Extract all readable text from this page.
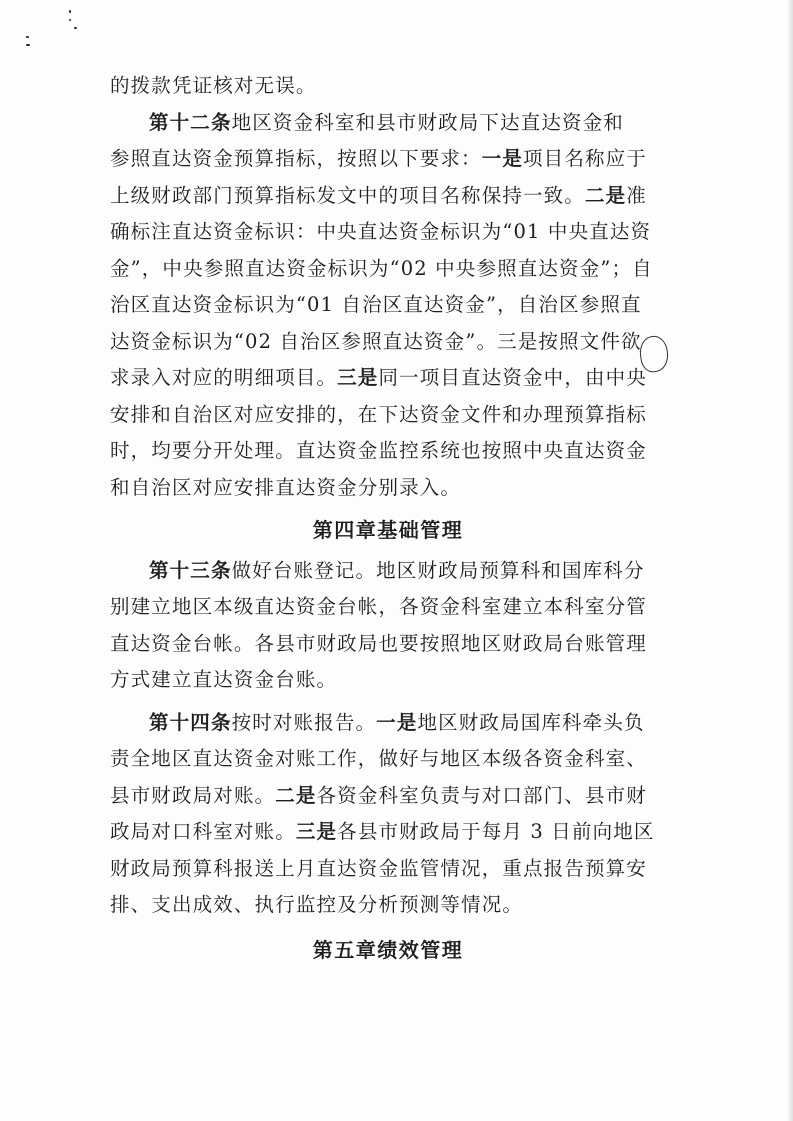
的拨款凭证核对无误。
第十二条地区资金科室和县市财政局下达直达资金和
参照直达资金预算指标，按照以下要求：一是项目名称应于
上级财政部门预算指标发文中的项目名称保持一致。二是准
确标注直达资金标识：中央直达资金标识为“01 中央直达资
金”，中央参照直达资金标识为“02 中央参照直达资金”；自
治区直达资金标识为“01 自治区直达资金”，自治区参照直
达资金标识为“02 自治区参照直达资金”。三是按照文件欲
求录入对应的明细项目。三是同一项目直达资金中，由中央
安排和自治区对应安排的，在下达资金文件和办理预算指标
时，均要分开处理。直达资金监控系统也按照中央直达资金
和自治区对应安排直达资金分别录入。
第四章基础管理
第十三条做好台账登记。地区财政局预算科和国库科分
别建立地区本级直达资金台帐，各资金科室建立本科室分管
直达资金台帐。各县市财政局也要按照地区财政局台账管理
方式建立直达资金台账。
第十四条按时对账报告。一是地区财政局国库科牵头负
责全地区直达资金对账工作，做好与地区本级各资金科室、
县市财政局对账。二是各资金科室负责与对口部门、县市财
政局对口科室对账。三是各县市财政局于每月 3 日前向地区
财政局预算科报送上月直达资金监管情况，重点报告预算安
排、支出成效、执行监控及分析预测等情况。
第五章绩效管理
